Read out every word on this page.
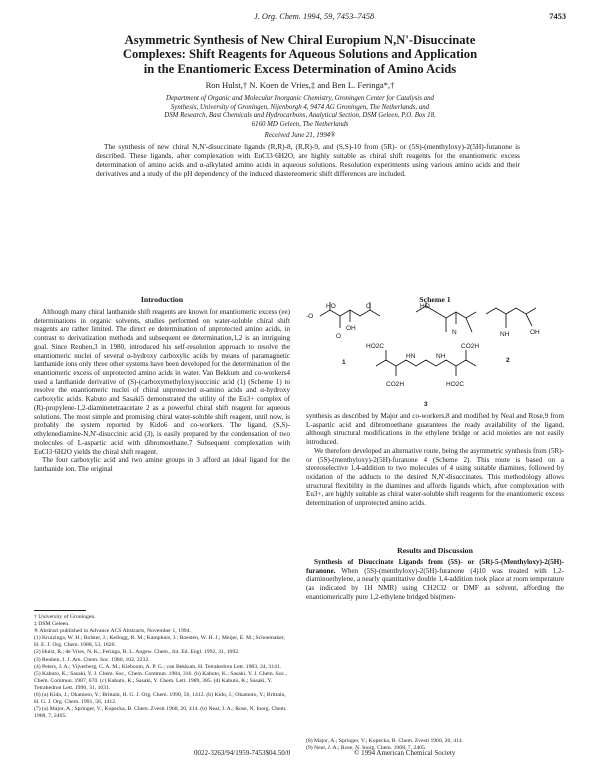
J. Org. Chem. 1994, 59, 7453–7458	7453
Asymmetric Synthesis of New Chiral Europium N,N'-Disuccinate
Complexes: Shift Reagents for Aqueous Solutions and Application
in the Enantiomeric Excess Determination of Amino Acids
Ron Hulst,† N. Koen de Vries,‡ and Ben L. Feringa*,†
Department of Organic and Molecular Inorganic Chemistry, Groningen Center for Catalysis and
Synthesis, University of Groningen, Nijenborgh 4, 9474 AG Groningen, The Netherlands, and
DSM Research, Bast Chemicals and Hydrocarbons, Analytical Section, DSM Geleen, P.O. Box 18,
6160 MD Geleen, The Netherlands
Received June 21, 1994®

The synthesis of new chiral N,N'-disuccinate ligands (R,R)-8, (R,R)-9, and (S,S)-10 from (5R)- or (5S)-(menthyloxy)-2(5H)-furanone is described. These ligands, after complexation with EuCl3·6H2O, are highly suitable as chiral shift reagents for the enantiomeric excess determination of amino acids and α-alkylated amino acids in aqueous solutions. Resolution experiments using various amino acids and their derivatives and a study of the pH dependency of the induced diastereomeric shift differences are included.

Introduction	Scheme 1
Results and Discussion

Although many chiral lanthanide shift reagents are known for enantiomeric excess (ee) determinations in organic solvents, studies performed on water-soluble chiral shift reagents are rather limited. The direct ee determination of unprotected amino acids, in contrast to derivatization methods and subsequent ee determination,1,2 is an intriguing goal. Since Reuben,3 in 1980, introduced his self-resolution approach to resolve the enantiomeric nuclei of several α-hydroxy carboxylic acids by means of paramagnetic lanthanide ions only three other systems have been developed for the determination of the enantiomeric excess of unprotected amino acids in water. Van Bekkum and co-workers4 used a lanthanide derivative of (S)-(carboxymethyloxy)succinic acid (1) (Scheme 1) to resolve the enantiomeric nuclei of chiral unprotected α-amino acids and α-hydroxy carboxylic acids. Kabuto and Sasaki5 demonstrated the utility of the Eu3+ complex of (R)-propylene-1,2-diaminetetraacetate 2 as a powerful chiral shift reagent for aqueous solutions. The most simple and promising chiral water-soluble shift reagent, until now, is probably the system reported by Kido6 and co-workers. The ligand, (S,S)-ethylenediamine-N,N'-disuccinic acid (3), is easily prepared by the condensation of two molecules of L-aspartic acid with dibromoethane.7 Subsequent complexation with EuCl3·6H2O yields the chiral shift reagent.

The four carboxylic acid and two amine groups in 3 afford an ideal ligand for the lanthanide ion. The original

-O
HO
OH
O
O
1
HO
N	NH	OH
2
HN	NH
HO2C
CO2H	HO2C
CO2H
3

synthesis as described by Major and co-workers,8 and modified by Neal and Rose,9 from L-aspartic acid and dibromoethane guarantees the ready availability of the ligand, although structural modifications in the ethylene bridge or acid moieties are not easily introduced.

We therefore developed an alternative route, being the asymmetric synthesis from (5R)- or (5S)-(menthyloxy)-2(5H)-furanone 4 (Scheme 2). This route is based on a stereoselective 1,4-addition to two molecules of 4 using suitable diamines, followed by oxidation of the adducts to the desired N,N'-disuccinates. This methodology allows structural flexibility in the diamines and affords ligands which, after complexation with Eu3+, are highly suitable as chiral water-soluble shift reagents for the enantiomeric excess determination of unprotected amino acids.

Synthesis of Disuccinate Ligands from (5S)- or (5R)-5-(Menthyloxy)-2(5H)-furanone. When (5S)-(menthyloxy)-2(5H)-furanone (4)10 was treated with 1,2-diaminoethylene, a nearly quantitative double 1,4-addition took place at room temperature (as indicated by 1H NMR) using CH2Cl2 or DMF as solvent, affording the enantiomerically pure 1,2-ethylene bridged bis(men-

† University of Groningen.
‡ DSM Geleen.
® Abstract published in Advance ACS Abstracts, November 1, 1994.
(1) Kruizinga, W. H.; Bolster, J.; Kellogg, R. M.; Kamphuis, J.; Boesten, W. H. J.; Meijer, E. M.; Schoemaker, H. E. J. Org. Chem. 1988, 53, 1826.
(2) Hulst, R.; de Vries, N. K.; Feringa, B. L. Angew. Chem., Int. Ed. Engl. 1992, 31, 1092.
(3) Reuben, J. J. Am. Chem. Soc. 1980, 102, 2232.
(4) Peters, J. A.; Vijverberg, C. A. M.; Kieboom, A. P. G.; van Bekkum, H. Tetrahedron Lett. 1983, 24, 3141.
(5) Kabuto, K.; Sasaki, Y. J. Chem. Soc., Chem. Commun. 1984, 316. (b) Kabuto, K.; Sasaki, Y. J. Chem. Soc., Chem. Commun. 1987, 670. (c) Kabuto, K.; Sasaki, Y. Chem. Lett. 1989, 385. (d) Kabuto, K.; Sasaki, Y. Tetrahedron Lett. 1990, 31, 1031.
(6) (a) Kido, J.; Okamoto, Y.; Brittain, H. G. J. Org. Chem. 1990, 56, 1412. (b) Kido, J.; Okamoto, Y.; Brittain, H. G. J. Org. Chem. 1991, 56, 1412.
(7) (a) Major, A.; Springer, V.; Kopecka, B. Chem. Zvesti 1968, 20, 414. (b) Neal, J. A.; Rose, N. Inorg. Chem. 1968, 7, 2405.
(8) Major, A.; Springer, V.; Kopecka, B. Chem. Zvesti 1968, 20, 414.
(9) Neal, J. A.; Rose, N. Inorg. Chem. 1968, 7, 2405.
0022-3263/94/1959-7453$04.50/0	© 1994 American Chemical Society
